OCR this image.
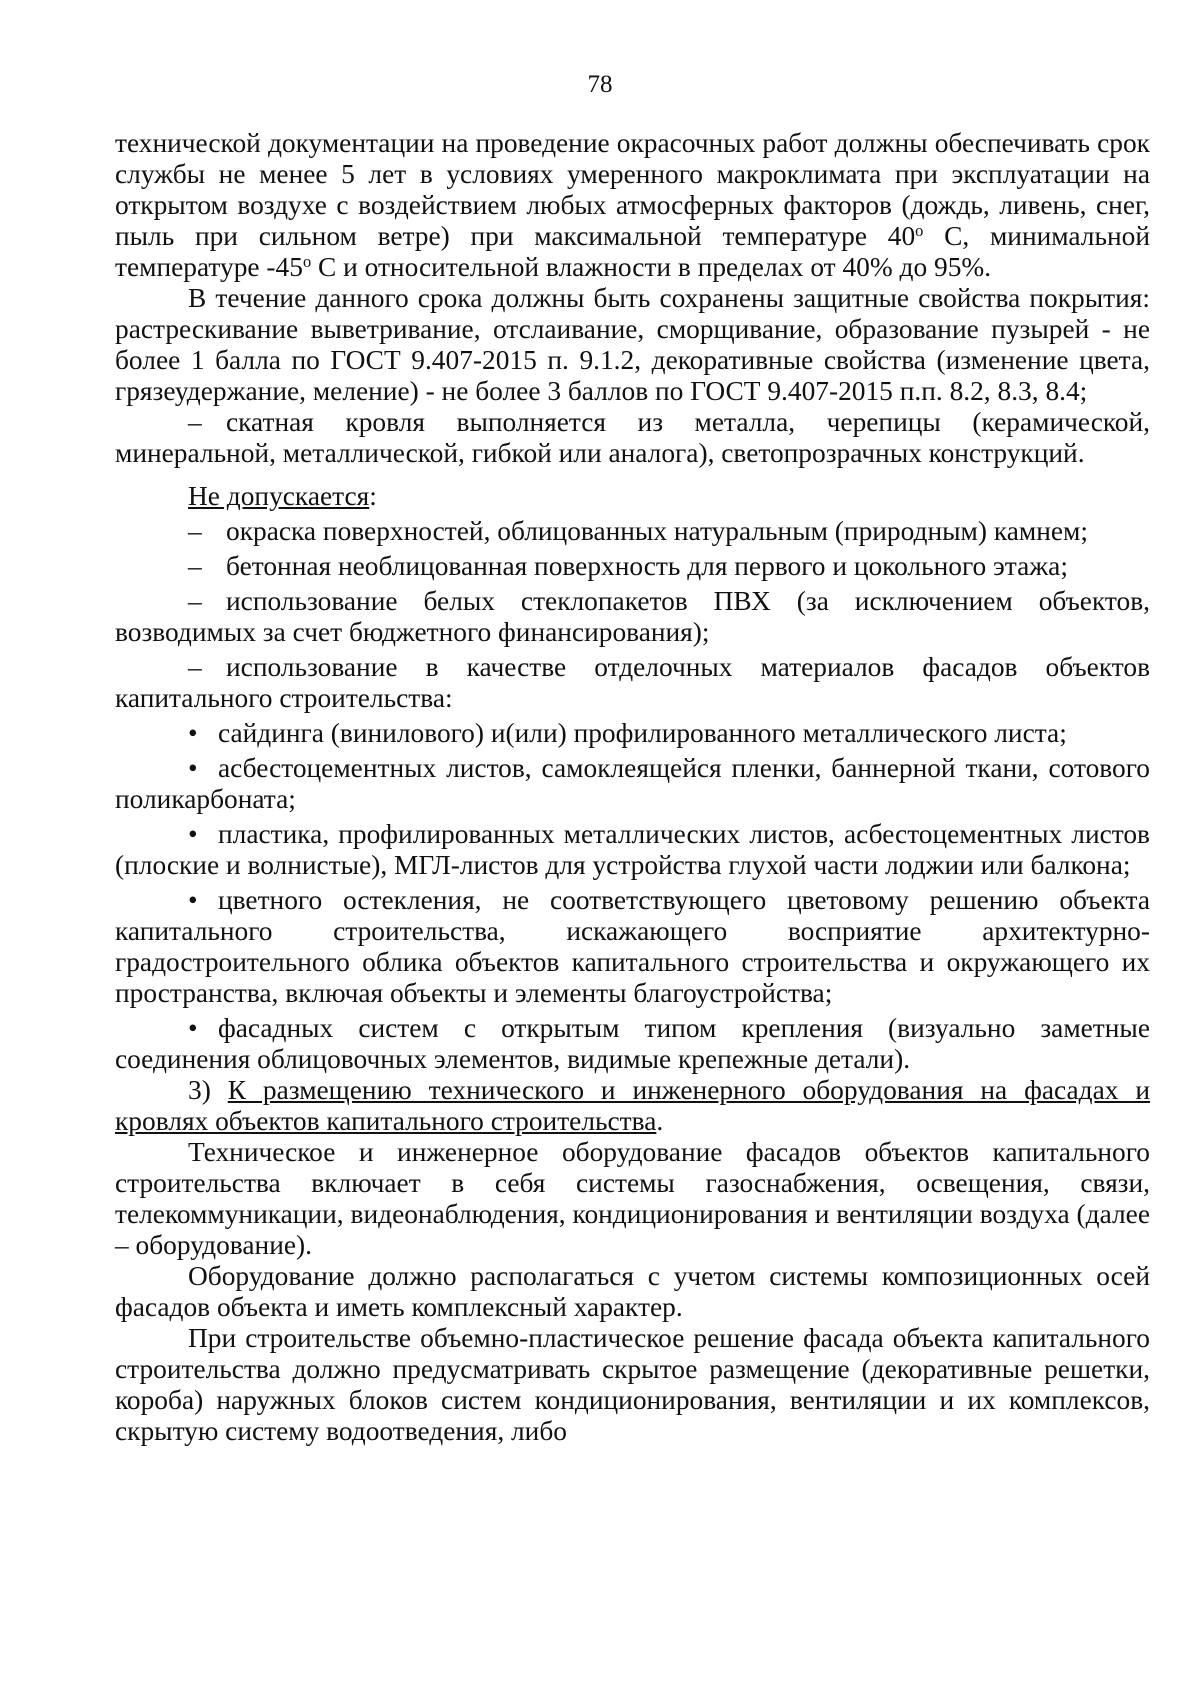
78

технической документации на проведение окрасочных работ должны обеспечивать срок службы не менее 5 лет в условиях умеренного макроклимата при эксплуатации на открытом воздухе с воздействием любых атмосферных факторов (дождь, ливень, снег, пыль при сильном ветре) при максимальной температуре $40^о$ С, минимальной температуре $-45^о$ С и относительной влажности в пределах от 40% до 95%.

В течение данного срока должны быть сохранены защитные свойства покрытия: растрескивание выветривание, отслаивание, сморщивание, образование пузырей - не более 1 балла по ГОСТ 9.407-2015 п. 9.1.2, декоративные свойства (изменение цвета, грязеудержание, меление) - не более 3 баллов по ГОСТ 9.407-2015 п.п. 8.2, 8.3, 8.4;

– скатная кровля выполняется из металла, черепицы (керамической, минеральной, металлической, гибкой или аналога), светопрозрачных конструкций.

Не допускается:

– окраска поверхностей, облицованных натуральным (природным) камнем;

– бетонная необлицованная поверхность для первого и цокольного этажа;

– использование белых стеклопакетов ПВХ (за исключением объектов, возводимых за счет бюджетного финансирования);

– использование в качестве отделочных материалов фасадов объектов капитального строительства:

• сайдинга (винилового) и(или) профилированного металлического листа;

• асбестоцементных листов, самоклеящейся пленки, баннерной ткани, сотового поликарбоната;

• пластика, профилированных металлических листов, асбестоцементных листов (плоские и волнистые), МГЛ-листов для устройства глухой части лоджии или балкона;

• цветного остекления, не соответствующего цветовому решению объекта капитального строительства, искажающего восприятие архитектурно-градостроительного облика объектов капитального строительства и окружающего их пространства, включая объекты и элементы благоустройства;

• фасадных систем с открытым типом крепления (визуально заметные соединения облицовочных элементов, видимые крепежные детали).

3) К размещению технического и инженерного оборудования на фасадах и кровлях объектов капитального строительства.

Техническое и инженерное оборудование фасадов объектов капитального строительства включает в себя системы газоснабжения, освещения, связи, телекоммуникации, видеонаблюдения, кондиционирования и вентиляции воздуха (далее – оборудование).

Оборудование должно располагаться с учетом системы композиционных осей фасадов объекта и иметь комплексный характер.

При строительстве объемно-пластическое решение фасада объекта капитального строительства должно предусматривать скрытое размещение (декоративные решетки, короба) наружных блоков систем кондиционирования, вентиляции и их комплексов, скрытую систему водоотведения, либо
